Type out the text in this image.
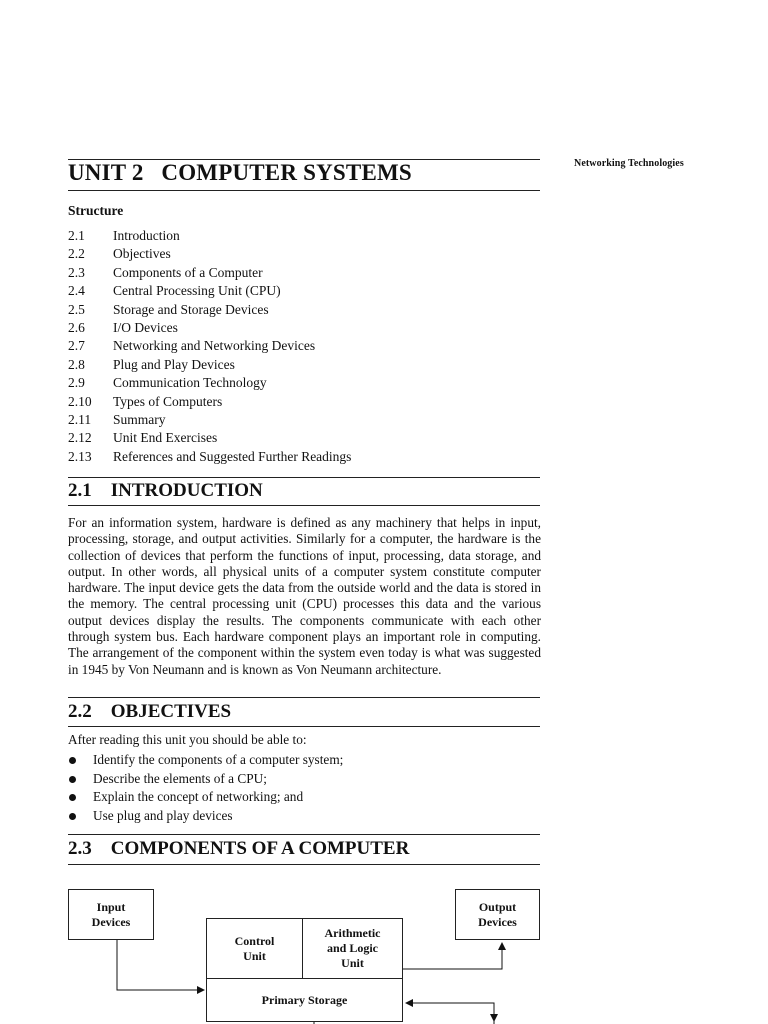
Networking Technologies
UNIT 2   COMPUTER SYSTEMS
Structure
2.1 Introduction
2.2 Objectives
2.3 Components of a Computer
2.4 Central Processing Unit (CPU)
2.5 Storage and Storage Devices
2.6 I/O Devices
2.7 Networking and Networking Devices
2.8 Plug and Play Devices
2.9 Communication Technology
2.10 Types of Computers
2.11 Summary
2.12 Unit End Exercises
2.13 References and Suggested Further Readings
2.1    INTRODUCTION

For an information system, hardware is defined as any machinery that helps in input, processing, storage, and output activities. Similarly for a computer, the hardware is the collection of devices that perform the functions of input, processing, data storage, and output. In other words, all physical units of a computer system constitute computer hardware. The input device gets the data from the outside world and the data is stored in the memory. The central processing unit (CPU) processes this data and the various output devices display the results. The components communicate with each other through system bus. Each hardware component plays an important role in computing. The arrangement of the component within the system even today is what was suggested in 1945 by Von Neumann and is known as Von Neumann architecture.

2.2    OBJECTIVES
After reading this unit you should be able to:
Identify the components of a computer system;
Describe the elements of a CPU;
Explain the concept of networking; and
Use plug and play devices
2.3    COMPONENTS OF A COMPUTER
Input
Devices
Output
Devices
Control
Unit
Arithmetic
and Logic
Unit
Primary Storage
